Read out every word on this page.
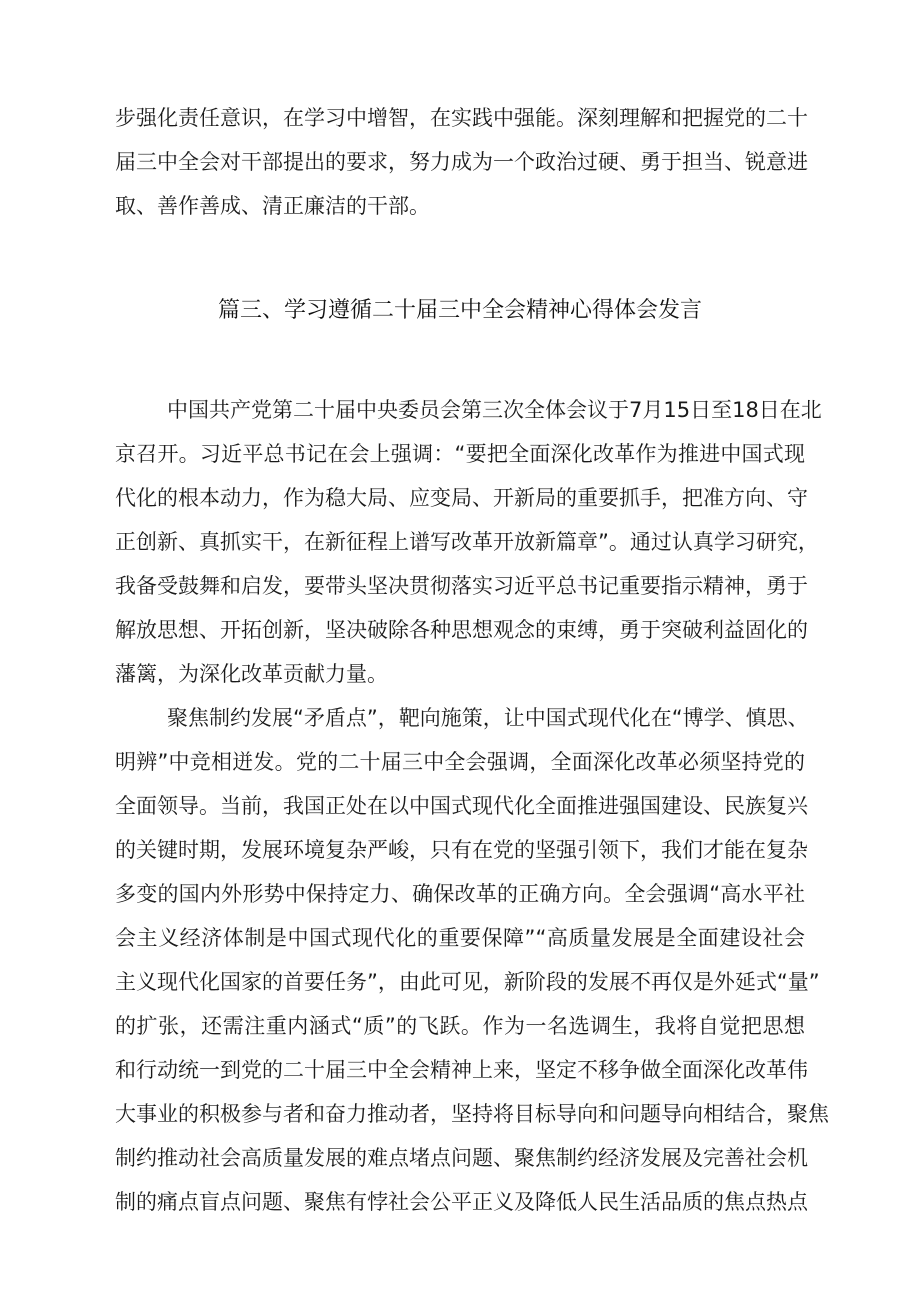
步强化责任意识，在学习中增智，在实践中强能。深刻理解和把握党的二十
届三中全会对干部提出的要求，努力成为一个政治过硬、勇于担当、锐意进
取、善作善成、清正廉洁的干部。
篇三、学习遵循二十届三中全会精神心得体会发言
中国共产党第二十届中央委员会第三次全体会议于7月15日至18日在北
京召开。习近平总书记在会上强调：“要把全面深化改革作为推进中国式现
代化的根本动力，作为稳大局、应变局、开新局的重要抓手，把准方向、守
正创新、真抓实干，在新征程上谱写改革开放新篇章”。通过认真学习研究，
我备受鼓舞和启发，要带头坚决贯彻落实习近平总书记重要指示精神，勇于
解放思想、开拓创新，坚决破除各种思想观念的束缚，勇于突破利益固化的
藩篱，为深化改革贡献力量。
聚焦制约发展“矛盾点”，靶向施策，让中国式现代化在“博学、慎思、
明辨”中竞相迸发。党的二十届三中全会强调，全面深化改革必须坚持党的
全面领导。当前，我国正处在以中国式现代化全面推进强国建设、民族复兴
的关键时期，发展环境复杂严峻，只有在党的坚强引领下，我们才能在复杂
多变的国内外形势中保持定力、确保改革的正确方向。全会强调“高水平社
会主义经济体制是中国式现代化的重要保障”“高质量发展是全面建设社会
主义现代化国家的首要任务”，由此可见，新阶段的发展不再仅是外延式“量”
的扩张，还需注重内涵式“质”的飞跃。作为一名选调生，我将自觉把思想
和行动统一到党的二十届三中全会精神上来，坚定不移争做全面深化改革伟
大事业的积极参与者和奋力推动者，坚持将目标导向和问题导向相结合，聚焦
制约推动社会高质量发展的难点堵点问题、聚焦制约经济发展及完善社会机
制的痛点盲点问题、聚焦有悖社会公平正义及降低人民生活品质的焦点热点
